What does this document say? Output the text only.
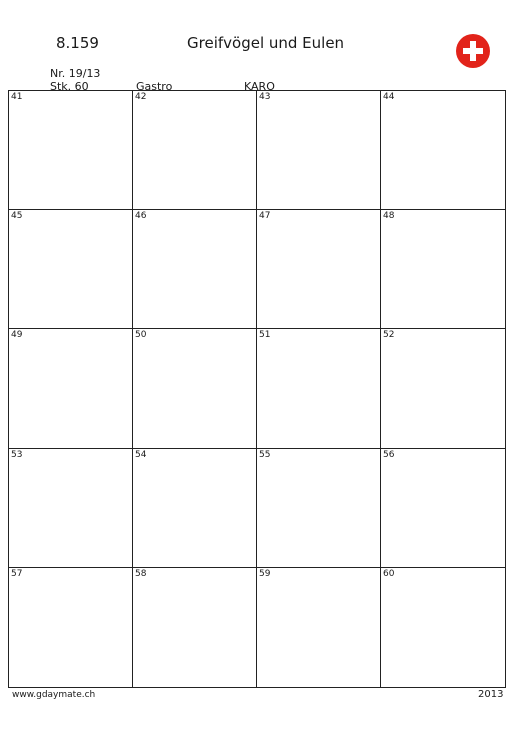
8.159	Greifvögel und Eulen
Nr. 19/13
Stk. 60	Gastro	KARO
41	42	43	44
45	46	47	48
49	50	51	52
53	54	55	56
57	58	59	60
www.gdaymate.ch	2013
